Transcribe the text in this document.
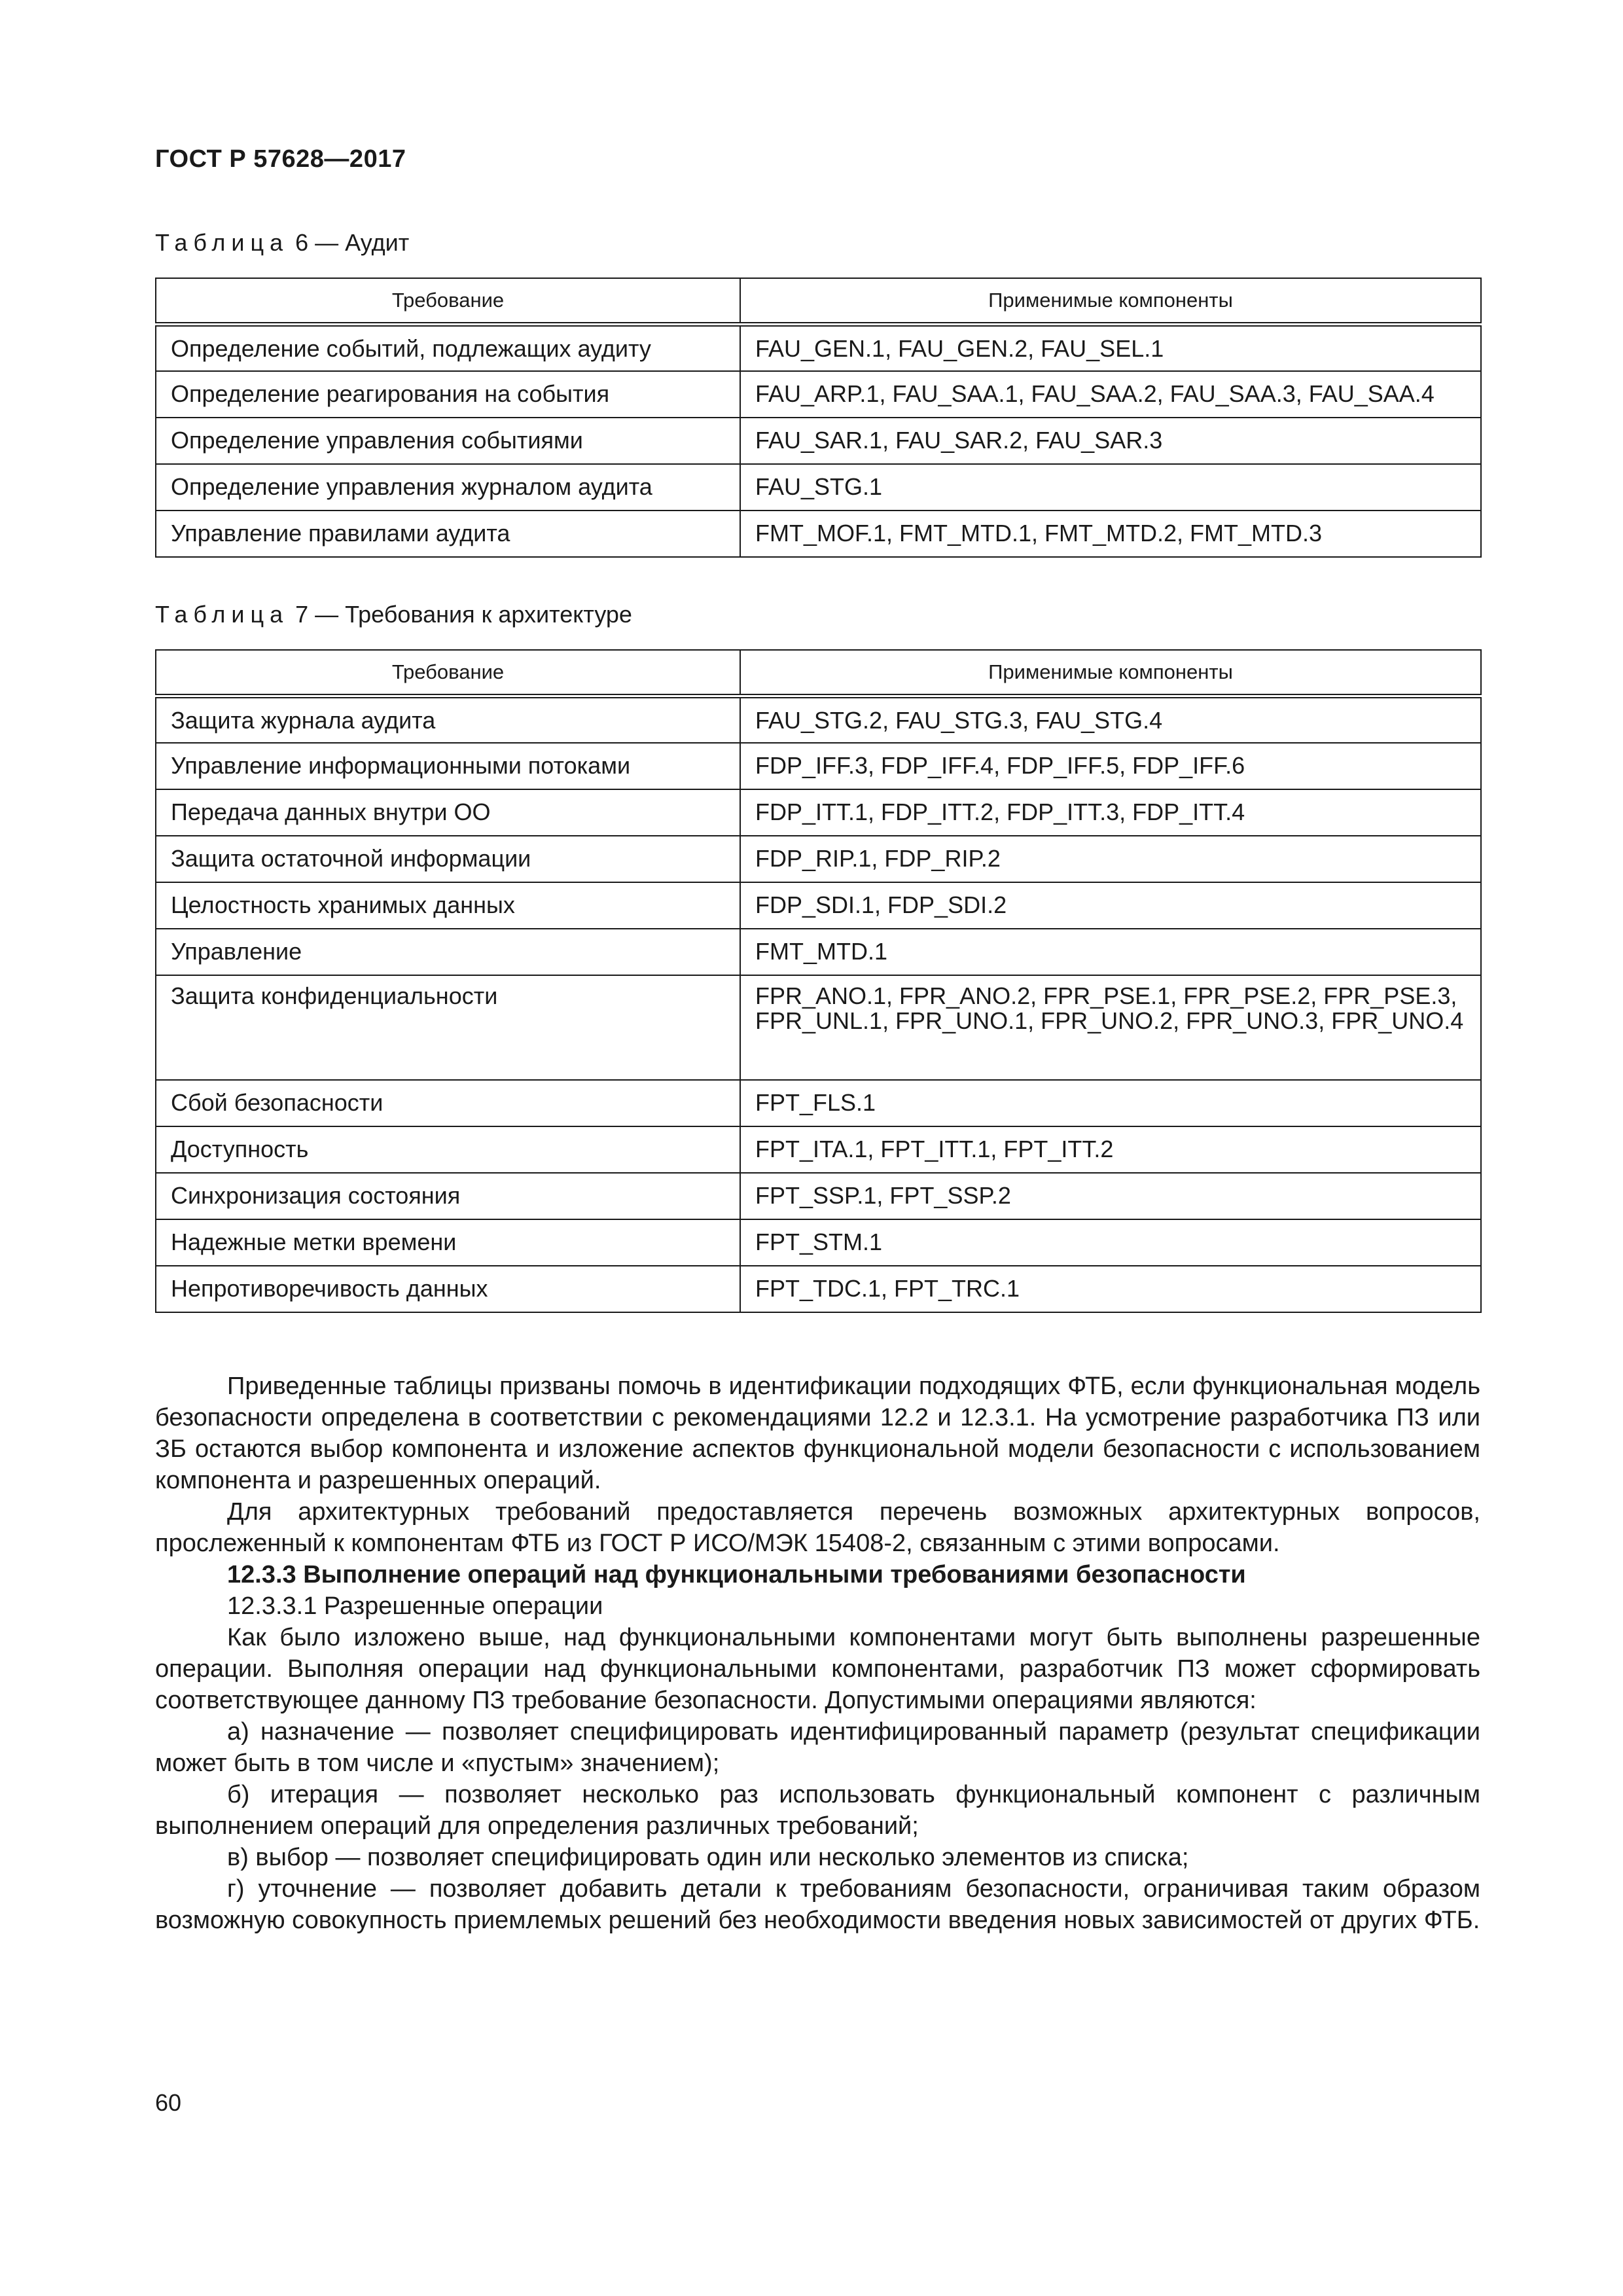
ГОСТ Р 57628—2017
Таблица 6 — Аудит
Требование	Применимые компоненты
Определение событий, подлежащих аудиту	FAU_GEN.1, FAU_GEN.2, FAU_SEL.1
Определение реагирования на события	FAU_ARP.1, FAU_SAA.1, FAU_SAA.2, FAU_SAA.3, FAU_SAA.4
Определение управления событиями	FAU_SAR.1, FAU_SAR.2, FAU_SAR.3
Определение управления журналом аудита	FAU_STG.1
Управление правилами аудита	FMT_MOF.1, FMT_MTD.1, FMT_MTD.2, FMT_MTD.3
Таблица 7 — Требования к архитектуре
Требование	Применимые компоненты
Защита журнала аудита	FAU_STG.2, FAU_STG.3, FAU_STG.4
Управление информационными потоками	FDP_IFF.3, FDP_IFF.4, FDP_IFF.5, FDP_IFF.6
Передача данных внутри ОО	FDP_ITT.1, FDP_ITT.2, FDP_ITT.3, FDP_ITT.4
Защита остаточной информации	FDP_RIP.1, FDP_RIP.2
Целостность хранимых данных	FDP_SDI.1, FDP_SDI.2
Управление	FMT_MTD.1
Защита конфиденциальности	FPR_ANO.1, FPR_ANO.2, FPR_PSE.1, FPR_PSE.2, FPR_PSE.3, FPR_UNL.1, FPR_UNO.1, FPR_UNO.2, FPR_UNO.3, FPR_UNO.4
Сбой безопасности	FPT_FLS.1
Доступность	FPT_ITA.1, FPT_ITT.1, FPT_ITT.2
Синхронизация состояния	FPT_SSP.1, FPT_SSP.2
Надежные метки времени	FPT_STM.1
Непротиворечивость данных	FPT_TDC.1, FPT_TRC.1

Приведенные таблицы призваны помочь в идентификации подходящих ФТБ, если функциональная модель безопасности определена в соответствии с рекомендациями 12.2 и 12.3.1. На усмотрение разработчика ПЗ или ЗБ остаются выбор компонента и изложение аспектов функциональной модели безопасности с использованием компонента и разрешенных операций.

Для архитектурных требований предоставляется перечень возможных архитектурных вопросов, прослеженный к компонентам ФТБ из ГОСТ Р ИСО/МЭК 15408-2, связанным с этими вопросами.

12.3.3 Выполнение операций над функциональными требованиями безопасности

12.3.3.1 Разрешенные операции

Как было изложено выше, над функциональными компонентами могут быть выполнены разрешенные операции. Выполняя операции над функциональными компонентами, разработчик ПЗ может сформировать соответствующее данному ПЗ требование безопасности. Допустимыми операциями являются:

а) назначение — позволяет специфицировать идентифицированный параметр (результат спецификации может быть в том числе и «пустым» значением);

б) итерация — позволяет несколько раз использовать функциональный компонент с различным выполнением операций для определения различных требований;

в) выбор — позволяет специфицировать один или несколько элементов из списка;

г) уточнение — позволяет добавить детали к требованиям безопасности, ограничивая таким образом возможную совокупность приемлемых решений без необходимости введения новых зависимостей от других ФТБ.

60
